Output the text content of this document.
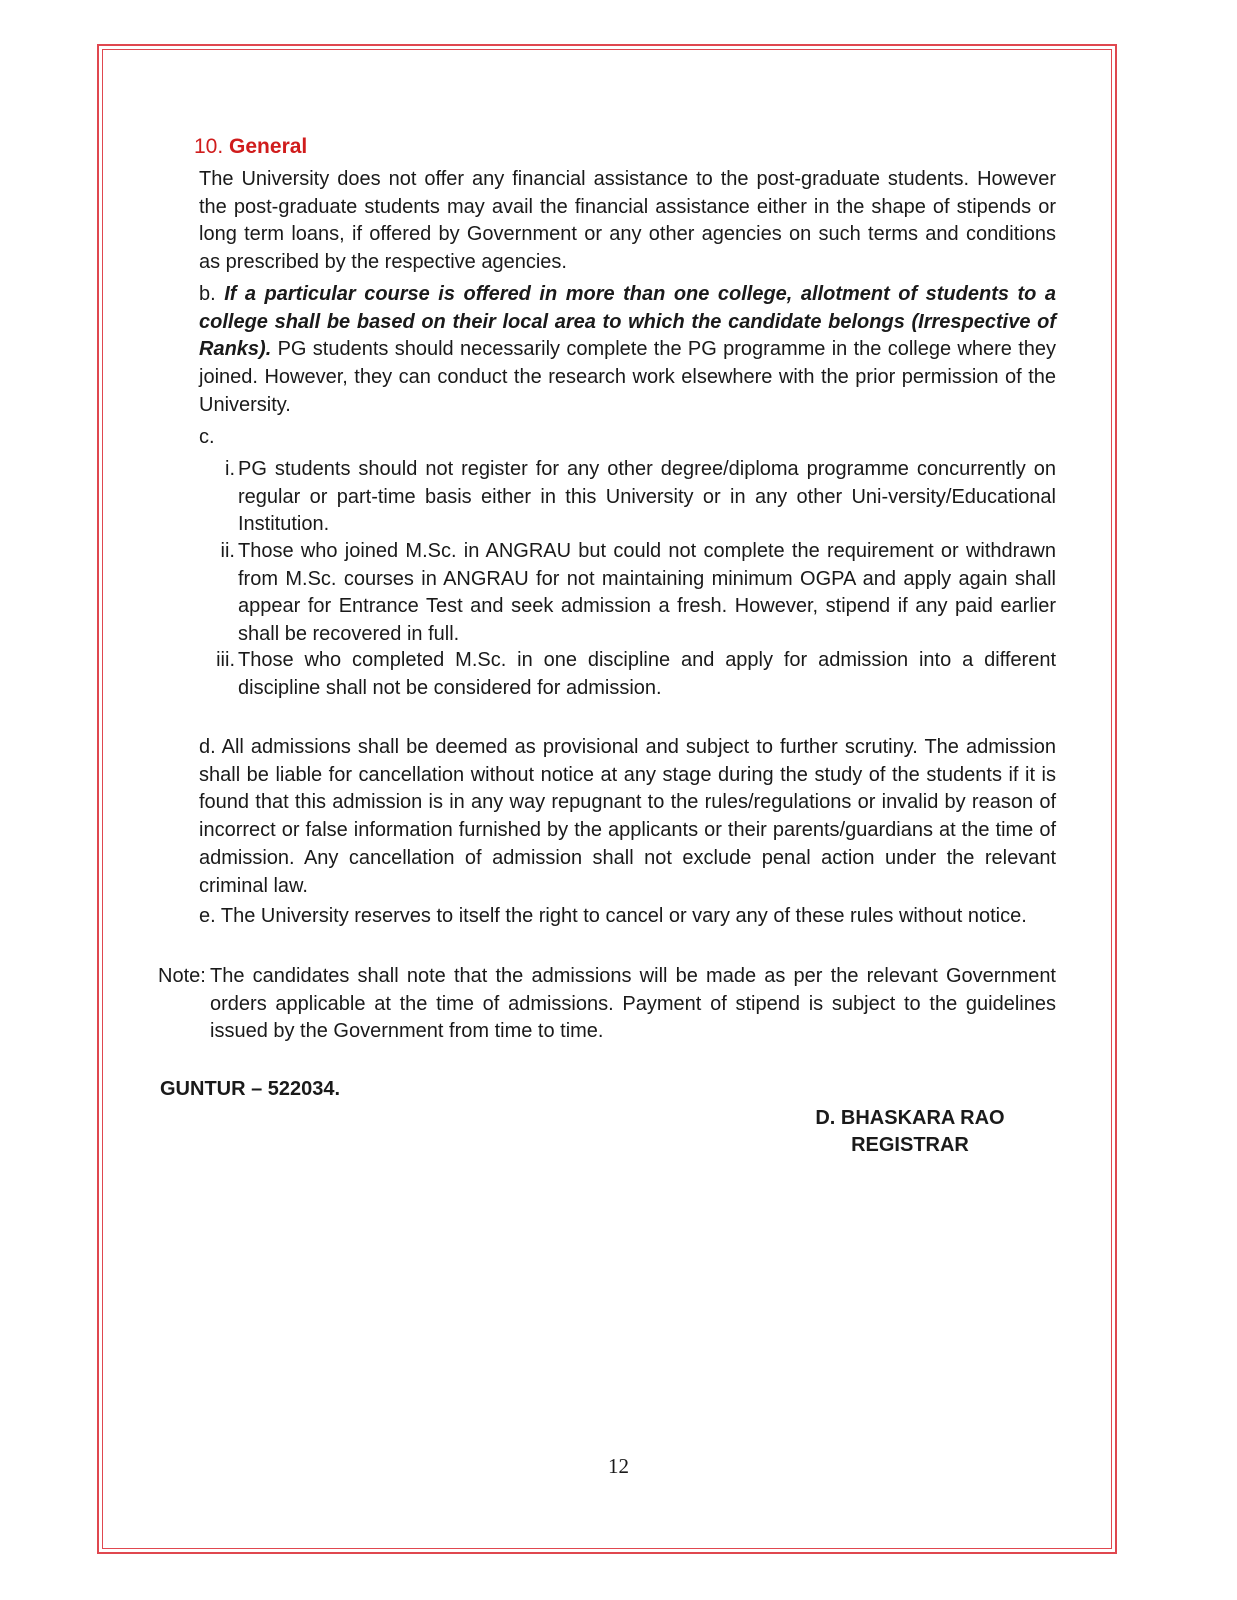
10. General
The University does not offer any financial assistance to the post-graduate students. However the post-graduate students may avail the financial assistance either in the shape of stipends or long term loans, if offered by Government or any other agencies on such terms and conditions as prescribed by the respective agencies.
b. If a particular course is offered in more than one college, allotment of students to a college shall be based on their local area to which the candidate belongs (Irrespective of Ranks). PG students should necessarily complete the PG programme in the college where they joined. However, they can conduct the research work elsewhere with the prior permission of the University.
c.
i. PG students should not register for any other degree/diploma programme concurrently on regular or part-time basis either in this University or in any other Uni-versity/Educational Institution.
ii. Those who joined M.Sc. in ANGRAU but could not complete the requirement or withdrawn from M.Sc. courses in ANGRAU for not maintaining minimum OGPA and apply again shall appear for Entrance Test and seek admission a fresh. However, stipend if any paid earlier shall be recovered in full.
iii. Those who completed M.Sc. in one discipline and apply for admission into a different discipline shall not be considered for admission.
d. All admissions shall be deemed as provisional and subject to further scrutiny. The admission shall be liable for cancellation without notice at any stage during the study of the students if it is found that this admission is in any way repugnant to the rules/regulations or invalid by reason of incorrect or false information furnished by the applicants or their parents/guardians at the time of admission. Any cancellation of admission shall not exclude penal action under the relevant criminal law.
e. The University reserves to itself the right to cancel or vary any of these rules without notice.
Note: The candidates shall note that the admissions will be made as per the relevant Government orders applicable at the time of admissions. Payment of stipend is subject to the guidelines issued by the Government from time to time.
GUNTUR – 522034.
D. BHASKARA RAO
REGISTRAR
12
